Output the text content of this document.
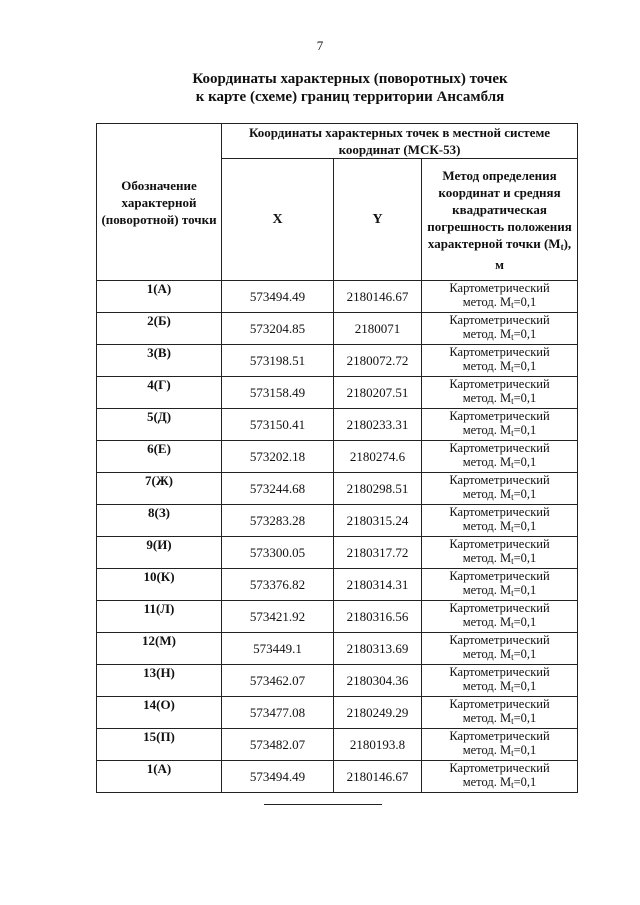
7
Координаты характерных (поворотных) точек
к карте (схеме) границ территории Ансамбля
Обозначение характерной (поворотной) точки	Координаты характерных точек в местной системе координат (МСК-53)		
	X	Y	Метод определения координат и средняя квадратическая погрешность положения характерной точки $(M_t)$, м
1(А)	573494.49	2180146.67	Картометрический
метод. $M_t=0,1$

2(Б)	573204.85	2180071	Картометрический
метод. $M_t=0,1$

3(В)	573198.51	2180072.72	Картометрический
метод. $M_t=0,1$

4(Г)	573158.49	2180207.51	Картометрический
метод. $M_t=0,1$

5(Д)	573150.41	2180233.31	Картометрический
метод. $M_t=0,1$

6(Е)	573202.18	2180274.6	Картометрический
метод. $M_t=0,1$

7(Ж)	573244.68	2180298.51	Картометрический
метод. $M_t=0,1$

8(З)	573283.28	2180315.24	Картометрический
метод. $M_t=0,1$

9(И)	573300.05	2180317.72	Картометрический
метод. $M_t=0,1$

10(К)	573376.82	2180314.31	Картометрический
метод. $M_t=0,1$

11(Л)	573421.92	2180316.56	Картометрический
метод. $M_t=0,1$

12(М)	573449.1	2180313.69	Картометрический
метод. $M_t=0,1$

13(Н)	573462.07	2180304.36	Картометрический
метод. $M_t=0,1$

14(О)	573477.08	2180249.29	Картометрический
метод. $M_t=0,1$

15(П)	573482.07	2180193.8	Картометрический
метод. $M_t=0,1$

1(А)	573494.49	2180146.67	Картометрический
метод. $M_t=0,1$
